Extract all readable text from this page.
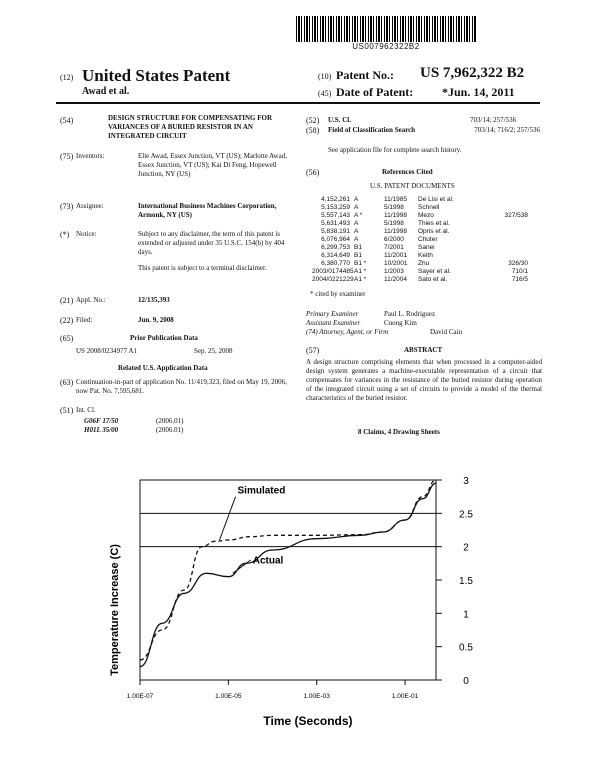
US007962322B2
(12) United States Patent
Awad et al.
(10) Patent No.: US 7,962,322 B2
(45) Date of Patent: *Jun. 14, 2011
(54)	DESIGN STRUCTURE FOR COMPENSATING FOR VARIANCES OF A BURIED RESISTOR IN AN INTEGRATED CIRCUIT
(75) Inventors:	Elie Awad, Essex Junction, VT (US); Marlotte Awad, Essex Junction, VT (US); Kai Di Feng, Hopewell Junction, NY (US)
(73) Assignee:	International Business Machines Corporation, Armonk, NY (US)
(*) Notice:	Subject to any disclaimer, the term of this patent is extended or adjusted under 35 U.S.C. 154(b) by 404 days.
This patent is subject to a terminal disclaimer.
(21) Appl. No.:	12/135,393
(22) Filed:	Jun. 9, 2008
(65)	Prior Publication Data
US 2008/0234977 A1	Sep. 25, 2008
Related U.S. Application Data
(63) Continuation-in-part of application No. 11/419,323, filed on May 19, 2006, now Pat. No. 7,595,681.
(51) Int. Cl.
G06F 17/50	(2006.01)
H01L 35/00	(2006.01)
(52) U.S. Cl.	703/14; 257/536
(58) Field of Classification Search	703/14; 716/2; 257/536
See application file for complete search history.
(56)	References Cited
U.S. PATENT DOCUMENTS
4,152,261 A	11/1985 De Lisi et al.
5,153,259 A	5/1998 Schnell
5,557,143 A *	11/1998 Mezo	327/538
5,631,493 A	5/1998 Thies et al.
5,838,191 A	11/1998 Opris et al.
6,076,964 A	6/2000 Chuter
6,299,753 B1	7/2001 Sanei
6,314,649 B1	11/2001 Keith
6,380,770 B1 *	10/2001 Zhu	326/30
2003/0174485A1 *	1/2003 Sayer et al.	710/1
2004/0221229A1 *	11/2004 Sato et al.	716/5
* cited by examiner
Primary Examiner	Paul L. Rodriguez
Assistant Examiner	Cuong Kim
(74) Attorney, Agent, or Firm	David Cain
(57)	ABSTRACT
A design structure comprising elements that when processed in a computer-aided design system generates a machine-executable representation of a circuit that compensates for variances in the resistance of the buried resistor during operation of the integrated circuit using a set of circuits to provide a model of the thermal characteristics of the buried resistor.
8 Claims, 4 Drawing Sheets
0
0.5
1
1.5
2
2.5
3
1.00E-07	1.00E-05	1.00E-03	1.00E-01
Simulated
Actual
Time (Seconds)
Temperature Increase (C)
